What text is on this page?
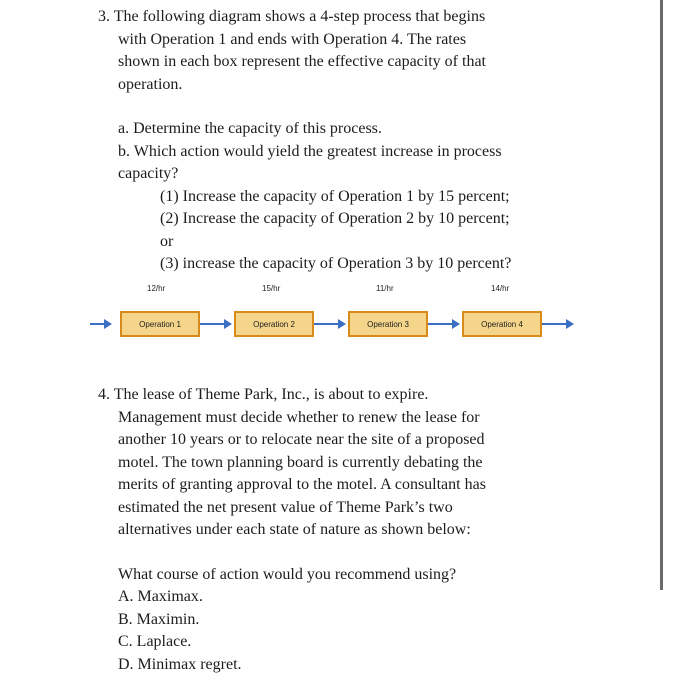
3. The following diagram shows a 4-step process that begins

with Operation 1 and ends with Operation 4. The rates

shown in each box represent the effective capacity of that

operation.

a. Determine the capacity of this process.

b. Which action would yield the greatest increase in process

capacity?

(1) Increase the capacity of Operation 1 by 15 percent;

(2) Increase the capacity of Operation 2 by 10 percent;

or

(3) increase the capacity of Operation 3 by 10 percent?

12/hr	15/hr	11/hr	14/hr
Operation 1	Operation 2	Operation 3	Operation 4

4. The lease of Theme Park, Inc., is about to expire.

Management must decide whether to renew the lease for

another 10 years or to relocate near the site of a proposed

motel. The town planning board is currently debating the

merits of granting approval to the motel. A consultant has

estimated the net present value of Theme Park’s two

alternatives under each state of nature as shown below:

What course of action would you recommend using?

A. Maximax.

B. Maximin.

C. Laplace.

D. Minimax regret.
